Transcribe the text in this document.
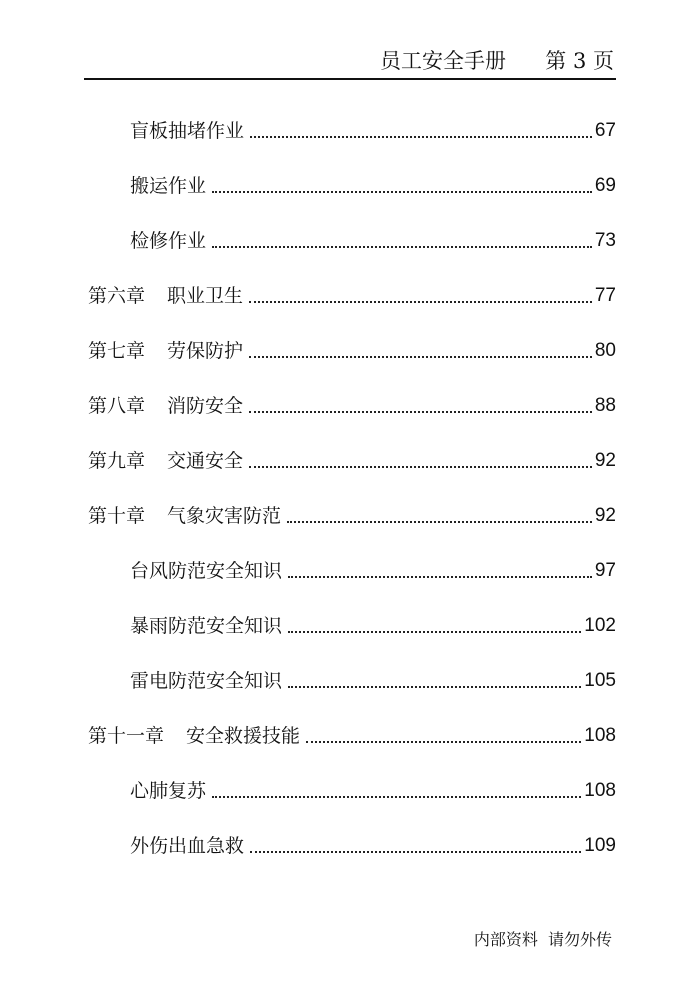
员工安全手册 第 3 页
盲板抽堵作业	67
搬运作业	69
检修作业	73
第六章 职业卫生	77
第七章 劳保防护	80
第八章 消防安全	88
第九章 交通安全	92
第十章 气象灾害防范	92
台风防范安全知识	97
暴雨防范安全知识	102
雷电防范安全知识	105
第十一章 安全救援技能	108
心肺复苏	108
外伤出血急救	109
内部资料  请勿外传
